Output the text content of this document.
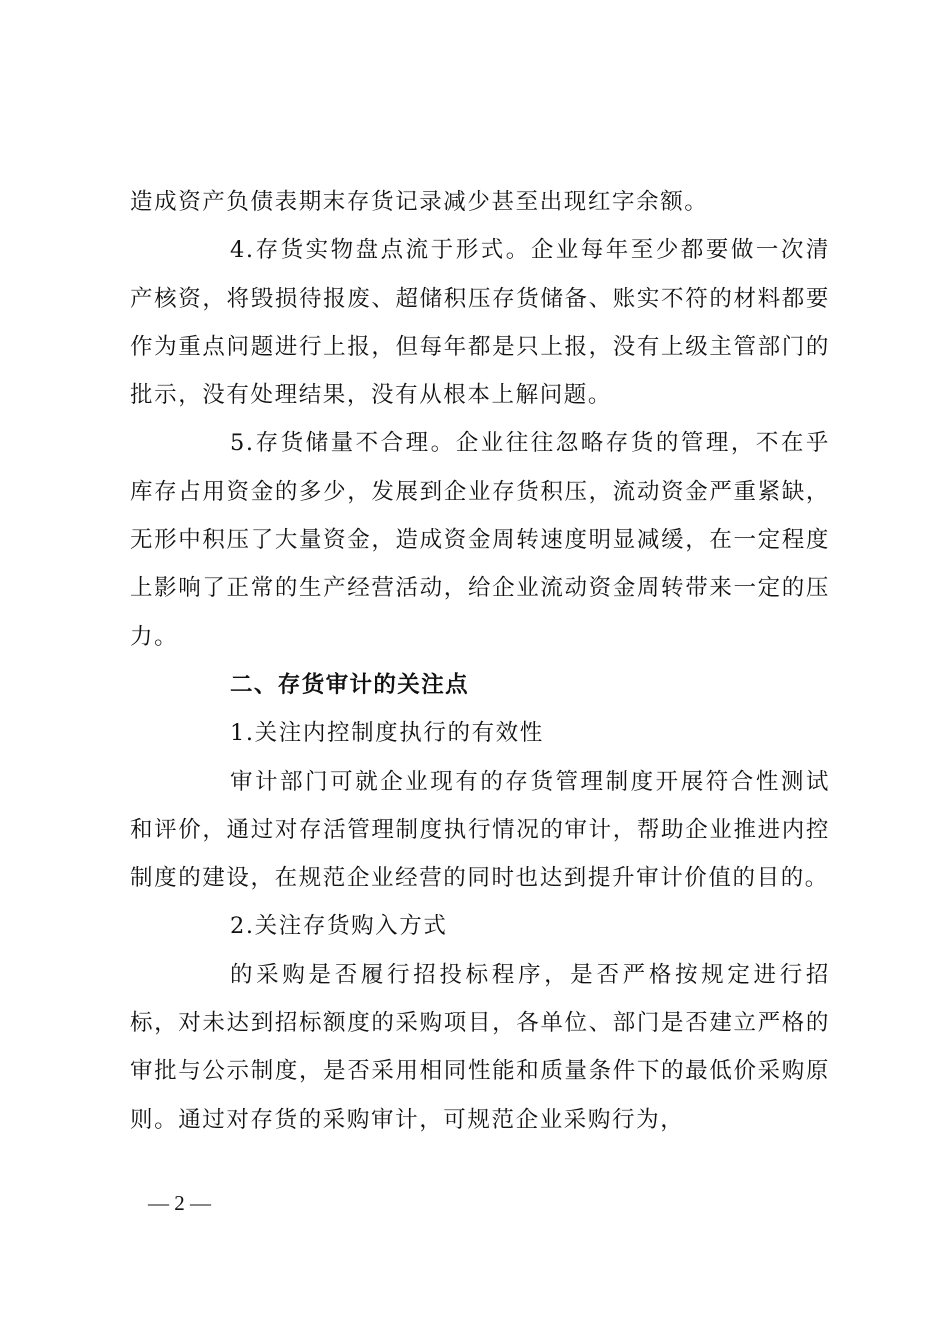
造成资产负债表期末存货记录减少甚至出现红字余额。

4.存货实物盘点流于形式。企业每年至少都要做一次清产核资，将毁损待报废、超储积压存货储备、账实不符的材料都要作为重点问题进行上报，但每年都是只上报，没有上级主管部门的批示，没有处理结果，没有从根本上解问题。

5.存货储量不合理。企业往往忽略存货的管理，不在乎库存占用资金的多少，发展到企业存货积压，流动资金严重紧缺，无形中积压了大量资金，造成资金周转速度明显减缓，在一定程度上影响了正常的生产经营活动，给企业流动资金周转带来一定的压力。

二、存货审计的关注点

1.关注内控制度执行的有效性

审计部门可就企业现有的存货管理制度开展符合性测试和评价，通过对存活管理制度执行情况的审计，帮助企业推进内控制度的建设，在规范企业经营的同时也达到提升审计价值的目的。

2.关注存货购入方式

的采购是否履行招投标程序，是否严格按规定进行招标，对未达到招标额度的采购项目，各单位、部门是否建立严格的审批与公示制度，是否采用相同性能和质量条件下的最低价采购原则。通过对存货的采购审计，可规范企业采购行为，

— 2 —
